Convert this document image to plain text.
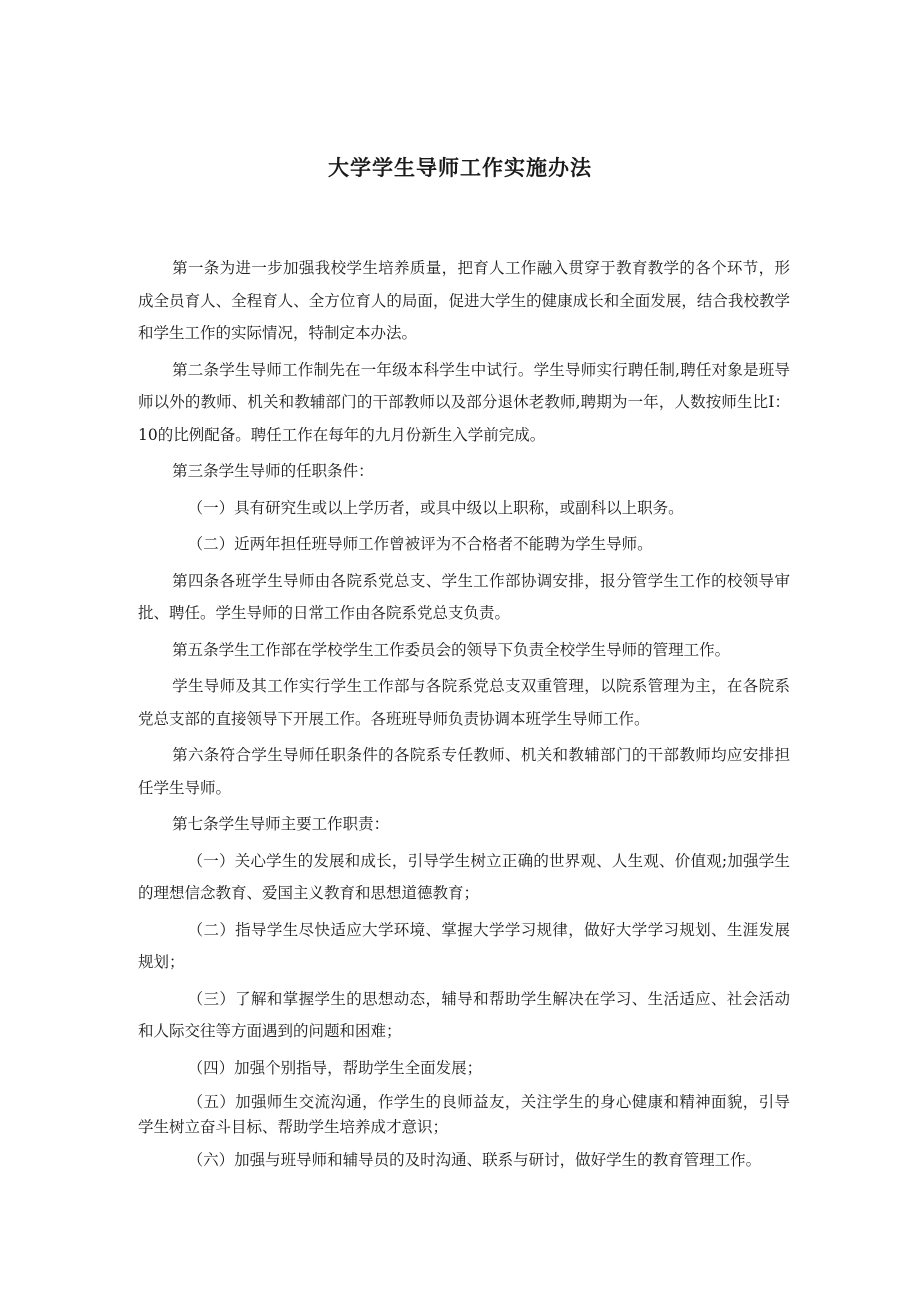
大学学生导师工作实施办法

第一条为进一步加强我校学生培养质量，把育人工作融入贯穿于教育教学的各个环节，形成全员育人、全程育人、全方位育人的局面，促进大学生的健康成长和全面发展，结合我校教学和学生工作的实际情况，特制定本办法。

第二条学生导师工作制先在一年级本科学生中试行。学生导师实行聘任制,聘任对象是班导师以外的教师、机关和教辅部门的干部教师以及部分退休老教师,聘期为一年，人数按师生比I：10的比例配备。聘任工作在每年的九月份新生入学前完成。

第三条学生导师的任职条件：

（一）具有研究生或以上学历者，或具中级以上职称，或副科以上职务。

（二）近两年担任班导师工作曾被评为不合格者不能聘为学生导师。

第四条各班学生导师由各院系党总支、学生工作部协调安排，报分管学生工作的校领导审批、聘任。学生导师的日常工作由各院系党总支负责。

第五条学生工作部在学校学生工作委员会的领导下负责全校学生导师的管理工作。

学生导师及其工作实行学生工作部与各院系党总支双重管理，以院系管理为主，在各院系党总支部的直接领导下开展工作。各班班导师负责协调本班学生导师工作。

第六条符合学生导师任职条件的各院系专任教师、机关和教辅部门的干部教师均应安排担任学生导师。

第七条学生导师主要工作职责：

（一）关心学生的发展和成长，引导学生树立正确的世界观、人生观、价值观;加强学生的理想信念教育、爱国主义教育和思想道德教育；

（二）指导学生尽快适应大学环境、掌握大学学习规律，做好大学学习规划、生涯发展规划；

（三）了解和掌握学生的思想动态，辅导和帮助学生解决在学习、生活适应、社会活动和人际交往等方面遇到的问题和困难；

（四）加强个别指导，帮助学生全面发展；

（五）加强师生交流沟通，作学生的良师益友，关注学生的身心健康和精神面貌，引导学生树立奋斗目标、帮助学生培养成才意识；

（六）加强与班导师和辅导员的及时沟通、联系与研讨，做好学生的教育管理工作。
